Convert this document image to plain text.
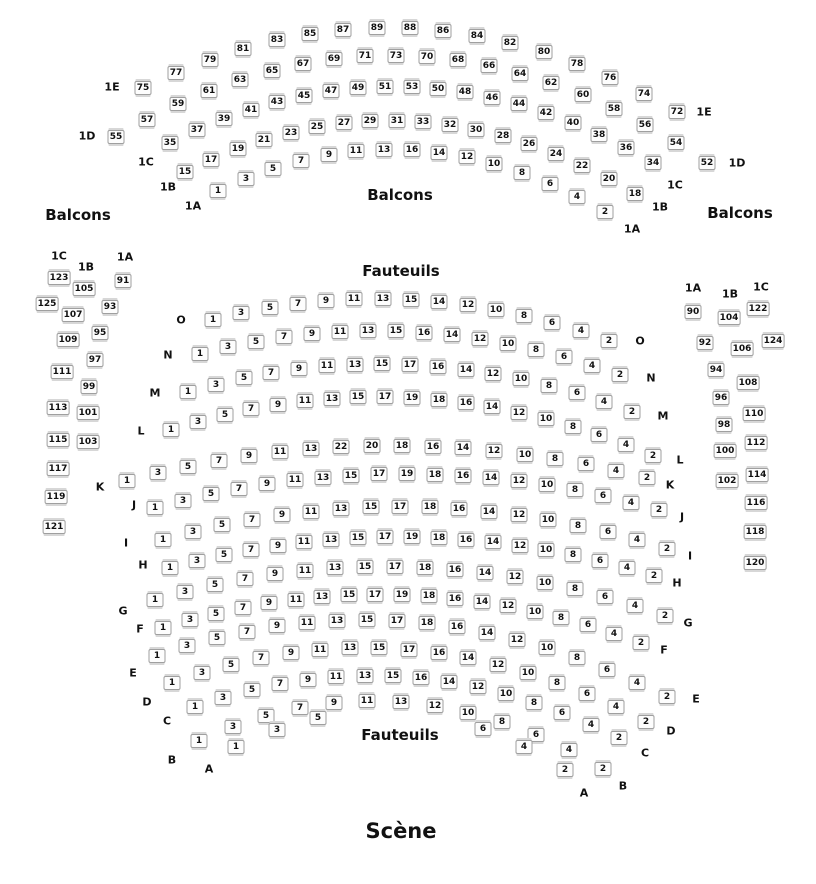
Balcons
Balcons
Balcons
Fauteuils
Fauteuils
Scène
75
77
79
81
83
85 87 89 88 86 84
82
80
78
76
74
72
1E
1E
55
57
59
61
63
65
67 69 71 73 70 68
66
64
62
60
58
56
54
52
1D
1D
35
37
39
41
43
45 47 49 51 53 50 48
46
44
42
40
38
36
34
1C
1C
15
17
19
21
23
25 27 29 31 33 32 30
28
26
24
22
20
18
1B
1B
1
3
5
7
9	11 13 16 14 12
10
8
6
4
2
1A
1A
1
3	5	7	9	11 13 15 14 12 10
8
6
4
2
O
O
1
3	5	7	9	11 13 15 16 14 12 10
8
6
4
2
N
N
1
3
5	7	9	11 13 15 17 16 14 12 10
8
6
4
2
M
M
1
3
5
7	9	11 13 15 17 19 18 16 14
12
10
8
6
4
2
L
L
1
3
5
7	9	11 13 22 20 18 16 14 12 10	8	6
4
2
K	K
1
3
5	7	9	11 13 15 17 19 18 16 14 12 10	8
6
4
2
J
J
1
3
5	7	9	11 13 15 17 18 16 14 12 10
8
6
4
2
I
I
1
3
5	7	9	11 13 15 17 19 18 16 14 12 10	8
6
4
2
H
H
1
3
5
7	9	11 13 15 17 18 16 14 12
10
8
6
4
2
G
G
1
3
5
7	9	11 13 15 17 19 18 16 14 12
10
8
6
4
2
F
F
1
3
5
7
9	11 13 15 17 18 16
14
12
10
8
6
4
2
E
E
1
3
5
7	9	11 13 15 17 16 14
12
10
8
6
4
2
D
D
1
3
5
7	9	11 13 15 16 14 12
10
8
6
4
2
C
C
1
3
5
7	9	11 13 12
10
8
6
4
2
B
B
1
3
5
6
4
2
A
A
91
93
95
97
99
101
103
105
107
109
111
113
115
117
119
121
123
125
1C
1B
1A
90
92
94
96
98
100
102
104
106
108
110
112
114
116
118
120
122
124
1A 1B
1C
